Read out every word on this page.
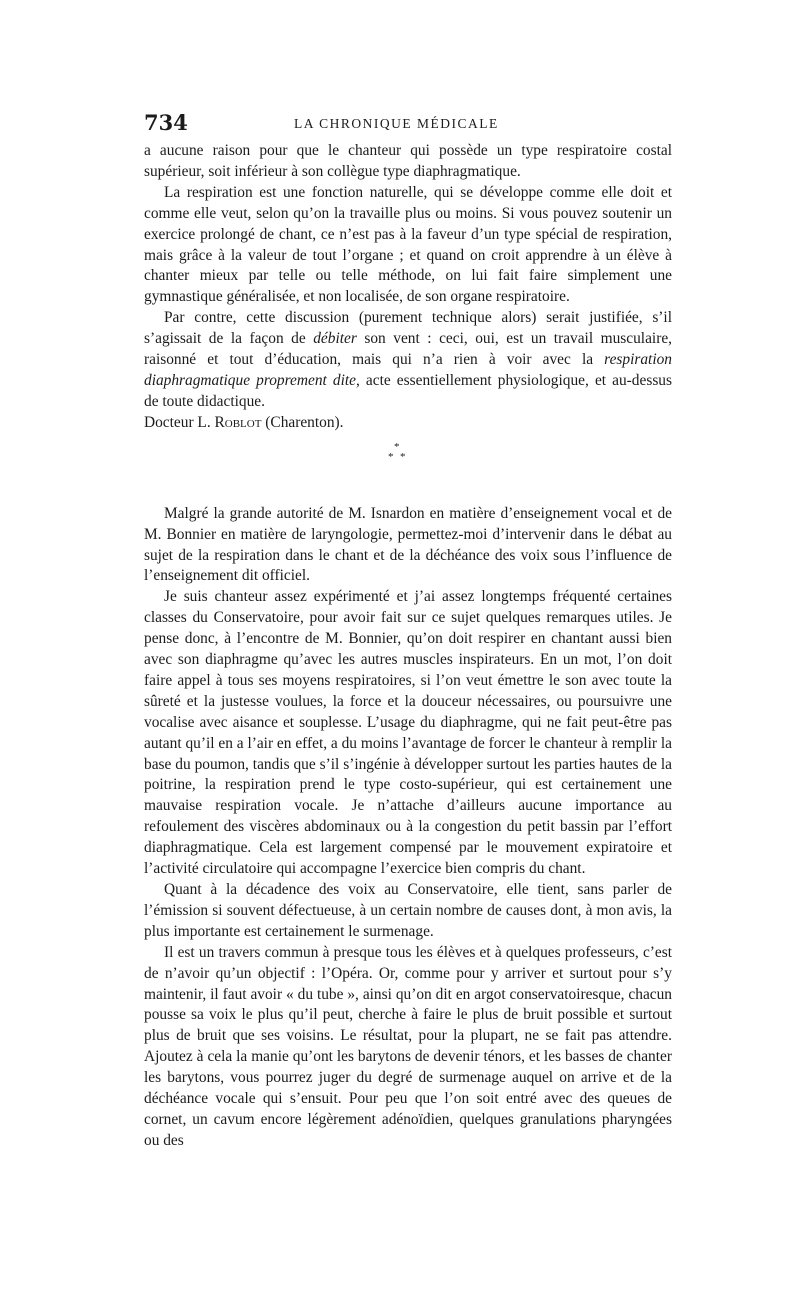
734	LA CHRONIQUE MÉDICALE

a aucune raison pour que le chanteur qui possède un type respiratoire costal supérieur, soit inférieur à son collègue type diaphragmatique.

La respiration est une fonction naturelle, qui se développe comme elle doit et comme elle veut, selon qu’on la travaille plus ou moins. Si vous pouvez soutenir un exercice prolongé de chant, ce n’est pas à la faveur d’un type spécial de respiration, mais grâce à la valeur de tout l’organe ; et quand on croit apprendre à un élève à chanter mieux par telle ou telle méthode, on lui fait faire simplement une gymnastique généralisée, et non localisée, de son organe respiratoire.

Par contre, cette discussion (purement technique alors) serait justifiée, s’il s’agissait de la façon de débiter son vent : ceci, oui, est un travail musculaire, raisonné et tout d’éducation, mais qui n’a rien à voir avec la respiration diaphragmatique proprement dite, acte essentiellement physiologique, et au-dessus de toute didactique.

Docteur L. Roblot (Charenton).

*
* *

Malgré la grande autorité de M. Isnardon en matière d’enseignement vocal et de M. Bonnier en matière de laryngologie, permettez-moi d’intervenir dans le débat au sujet de la respiration dans le chant et de la déchéance des voix sous l’influence de l’enseignement dit officiel.

Je suis chanteur assez expérimenté et j’ai assez longtemps fréquenté certaines classes du Conservatoire, pour avoir fait sur ce sujet quelques remarques utiles. Je pense donc, à l’encontre de M. Bonnier, qu’on doit respirer en chantant aussi bien avec son diaphragme qu’avec les autres muscles inspirateurs. En un mot, l’on doit faire appel à tous ses moyens respiratoires, si l’on veut émettre le son avec toute la sûreté et la justesse voulues, la force et la douceur nécessaires, ou poursuivre une vocalise avec aisance et souplesse. L’usage du diaphragme, qui ne fait peut-être pas autant qu’il en a l’air en effet, a du moins l’avantage de forcer le chanteur à remplir la base du poumon, tandis que s’il s’ingénie à développer surtout les parties hautes de la poitrine, la respiration prend le type costo-supérieur, qui est certainement une mauvaise respiration vocale. Je n’attache d’ailleurs aucune importance au refoulement des viscères abdominaux ou à la congestion du petit bassin par l’effort diaphragmatique. Cela est largement compensé par le mouvement expiratoire et l’activité circulatoire qui accompagne l’exercice bien compris du chant.

Quant à la décadence des voix au Conservatoire, elle tient, sans parler de l’émission si souvent défectueuse, à un certain nombre de causes dont, à mon avis, la plus importante est certainement le surmenage.

Il est un travers commun à presque tous les élèves et à quelques professeurs, c’est de n’avoir qu’un objectif : l’Opéra. Or, comme pour y arriver et surtout pour s’y maintenir, il faut avoir « du tube », ainsi qu’on dit en argot conservatoiresque, chacun pousse sa voix le plus qu’il peut, cherche à faire le plus de bruit possible et surtout plus de bruit que ses voisins. Le résultat, pour la plupart, ne se fait pas attendre. Ajoutez à cela la manie qu’ont les barytons de devenir ténors, et les basses de chanter les barytons, vous pourrez juger du degré de surmenage auquel on arrive et de la déchéance vocale qui s’ensuit. Pour peu que l’on soit entré avec des queues de cornet, un cavum encore légèrement adénoïdien, quelques granulations pharyngées ou des
